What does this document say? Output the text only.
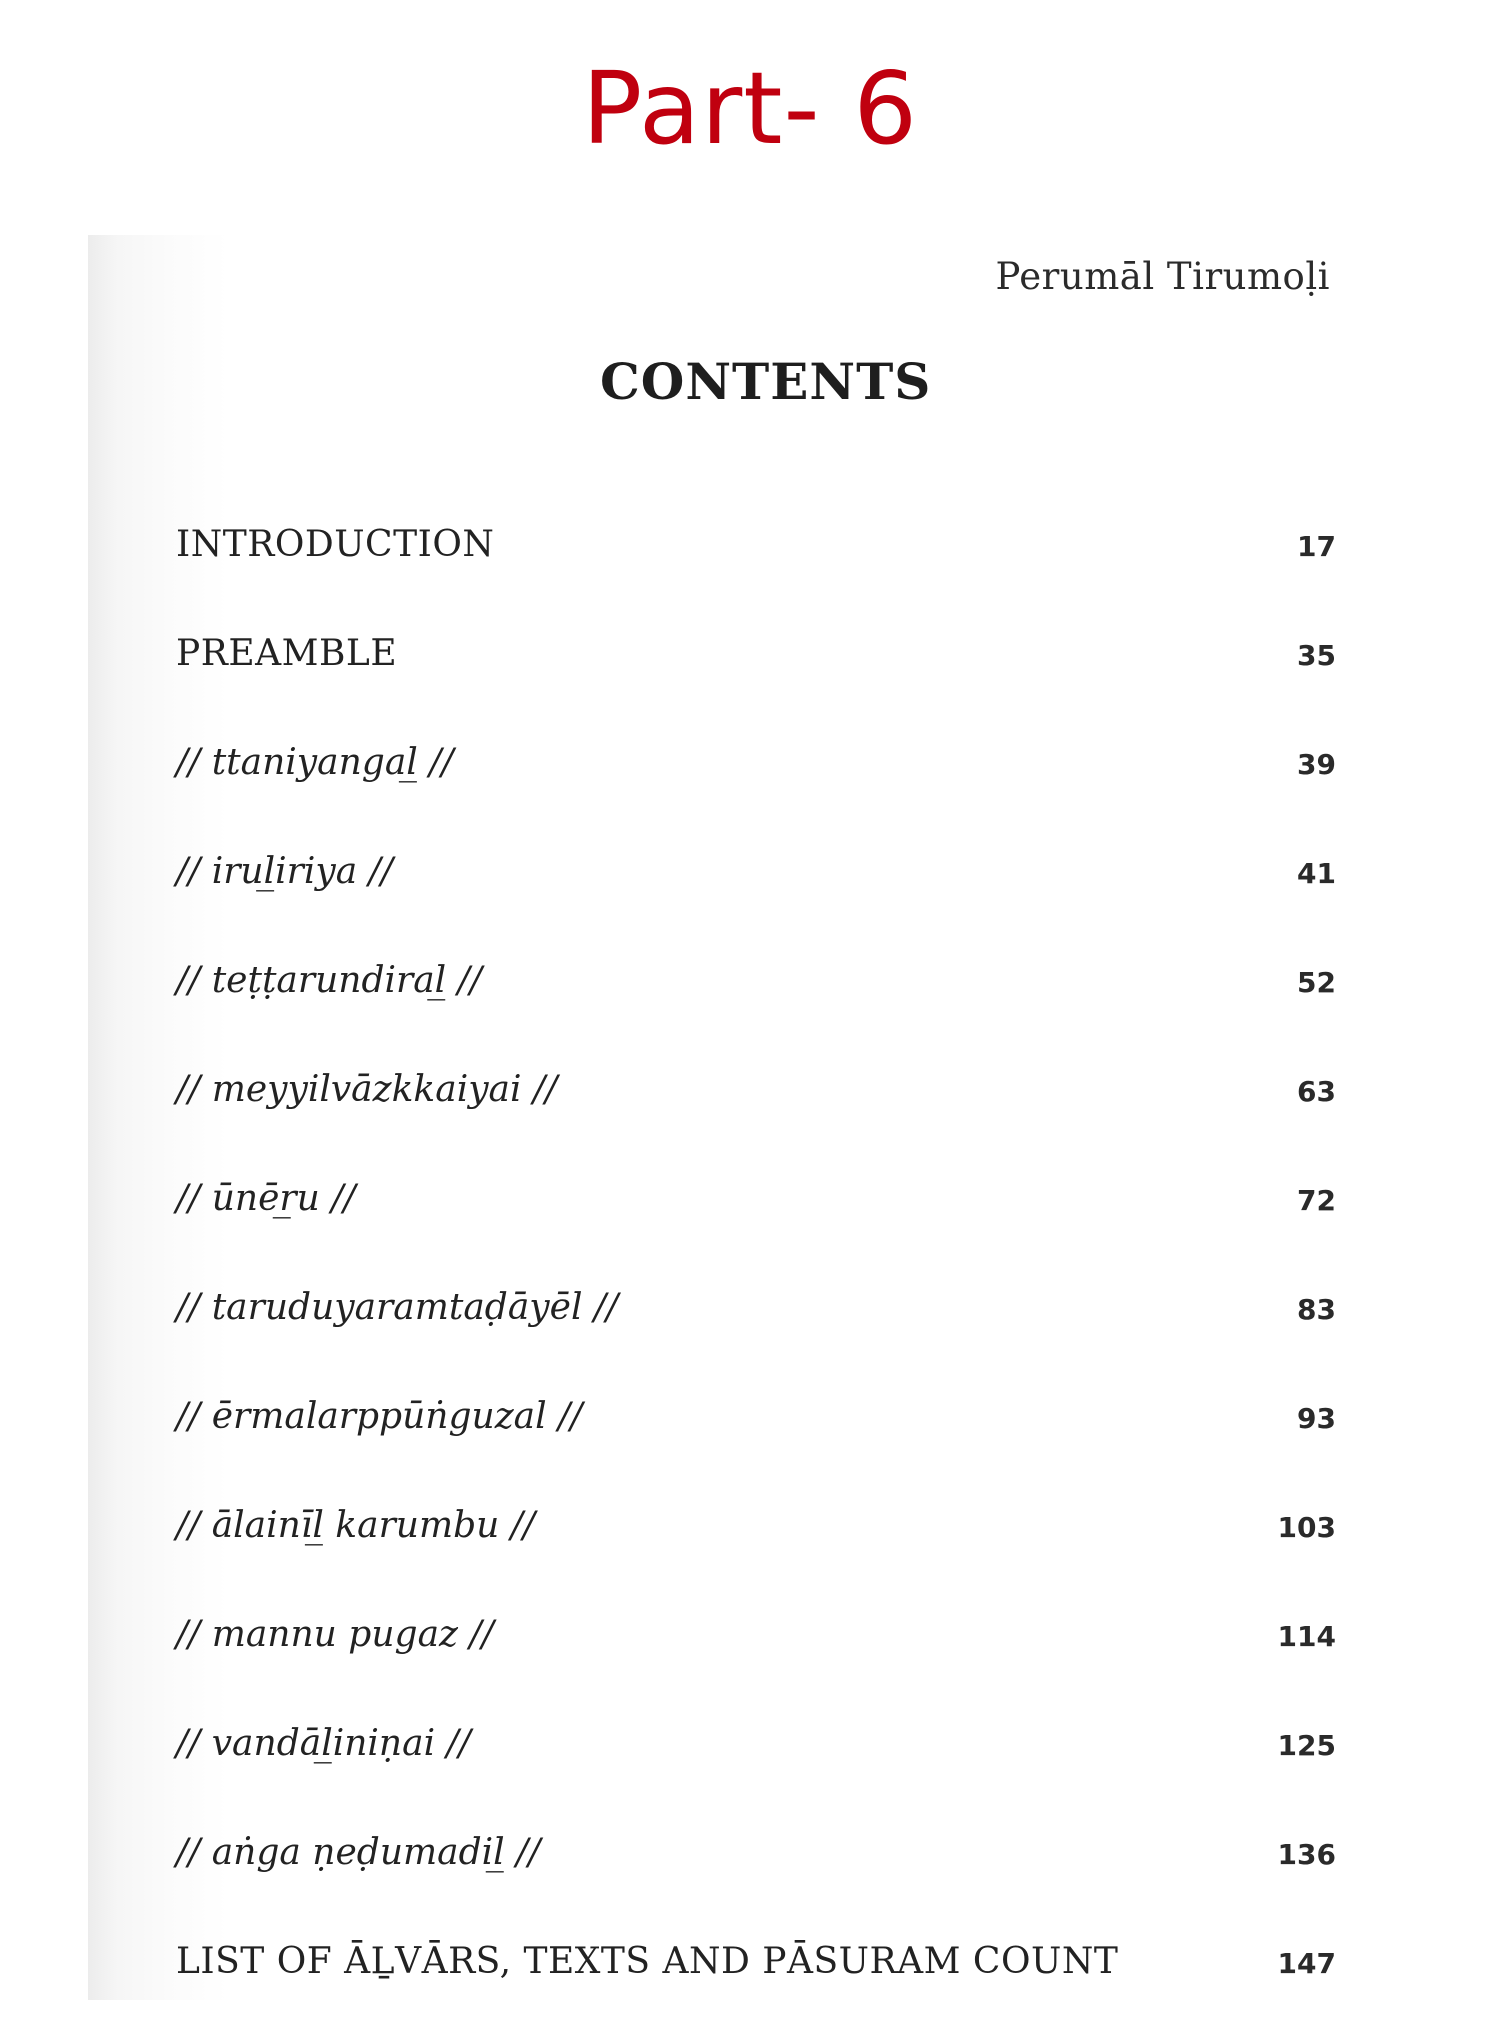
Part- 6
Perumāl Tirumoḷi
CONTENTS
INTRODUCTION	17
PREAMBLE	35
// ttaniyangal̲ //	39
// irul̲iriya //	41
// teṭṭarundiral̲ //	52
// meyyilvāzkkaiyai //	63
// ūnēr̲u //	72
// taruduyaramtaḍāyēl //	83
// ērmalarppūṅguzal //	93
// ālainīl̲ karumbu //	103
// mannu pugaz //	114
// vandāl̲iniṇai //	125
// aṅga ṇeḍumadil̲ //	136
LIST OF ĀḺVĀRS, TEXTS AND PĀSURAM COUNT	147
